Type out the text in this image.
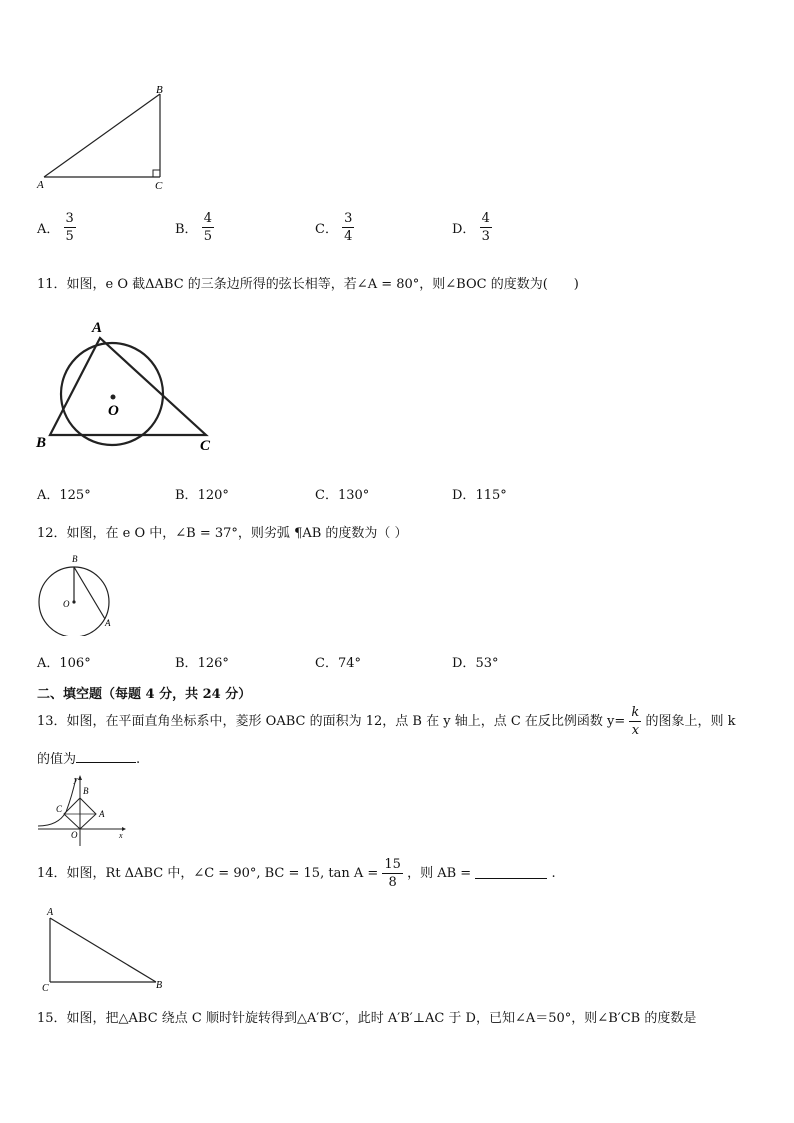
A
B
C
A． $\frac{3}{5}$	B． $\frac{4}{5}$	C． $\frac{3}{4}$	D． $\frac{4}{3}$
11．如图，e O 截ΔABC 的三条边所得的弦长相等，若∠A = 80°，则∠BOC 的度数为(　　)
A
B	C
O
A．125°	B．120°	C．130°	D．115°
12．如图，在 e O 中，∠B = 37°，则劣弧 ¶AB 的度数为（ ）
B
O
A
A．106°	B．126°	C．74°	D．53°
二、填空题（每题 4 分，共 24 分）
13．如图，在平面直角坐标系中，菱形 OABC 的面积为 12，点 B 在 y 轴上，点 C 在反比例函数 $y= \frac{k}{x}$ 的图象上，则 k
的值为	.
y
x
O
A
B
C
14．如图，Rt ΔABC 中，∠C = 90°, BC = 15, $\tan A = \frac{15}{8}$ ，则 AB =	.
A
C	B
15．如图，把△ABC 绕点 C 顺时针旋转得到△A′B′C′，此时 A′B′⊥AC 于 D，已知∠A＝50°，则∠B′CB 的度数是
